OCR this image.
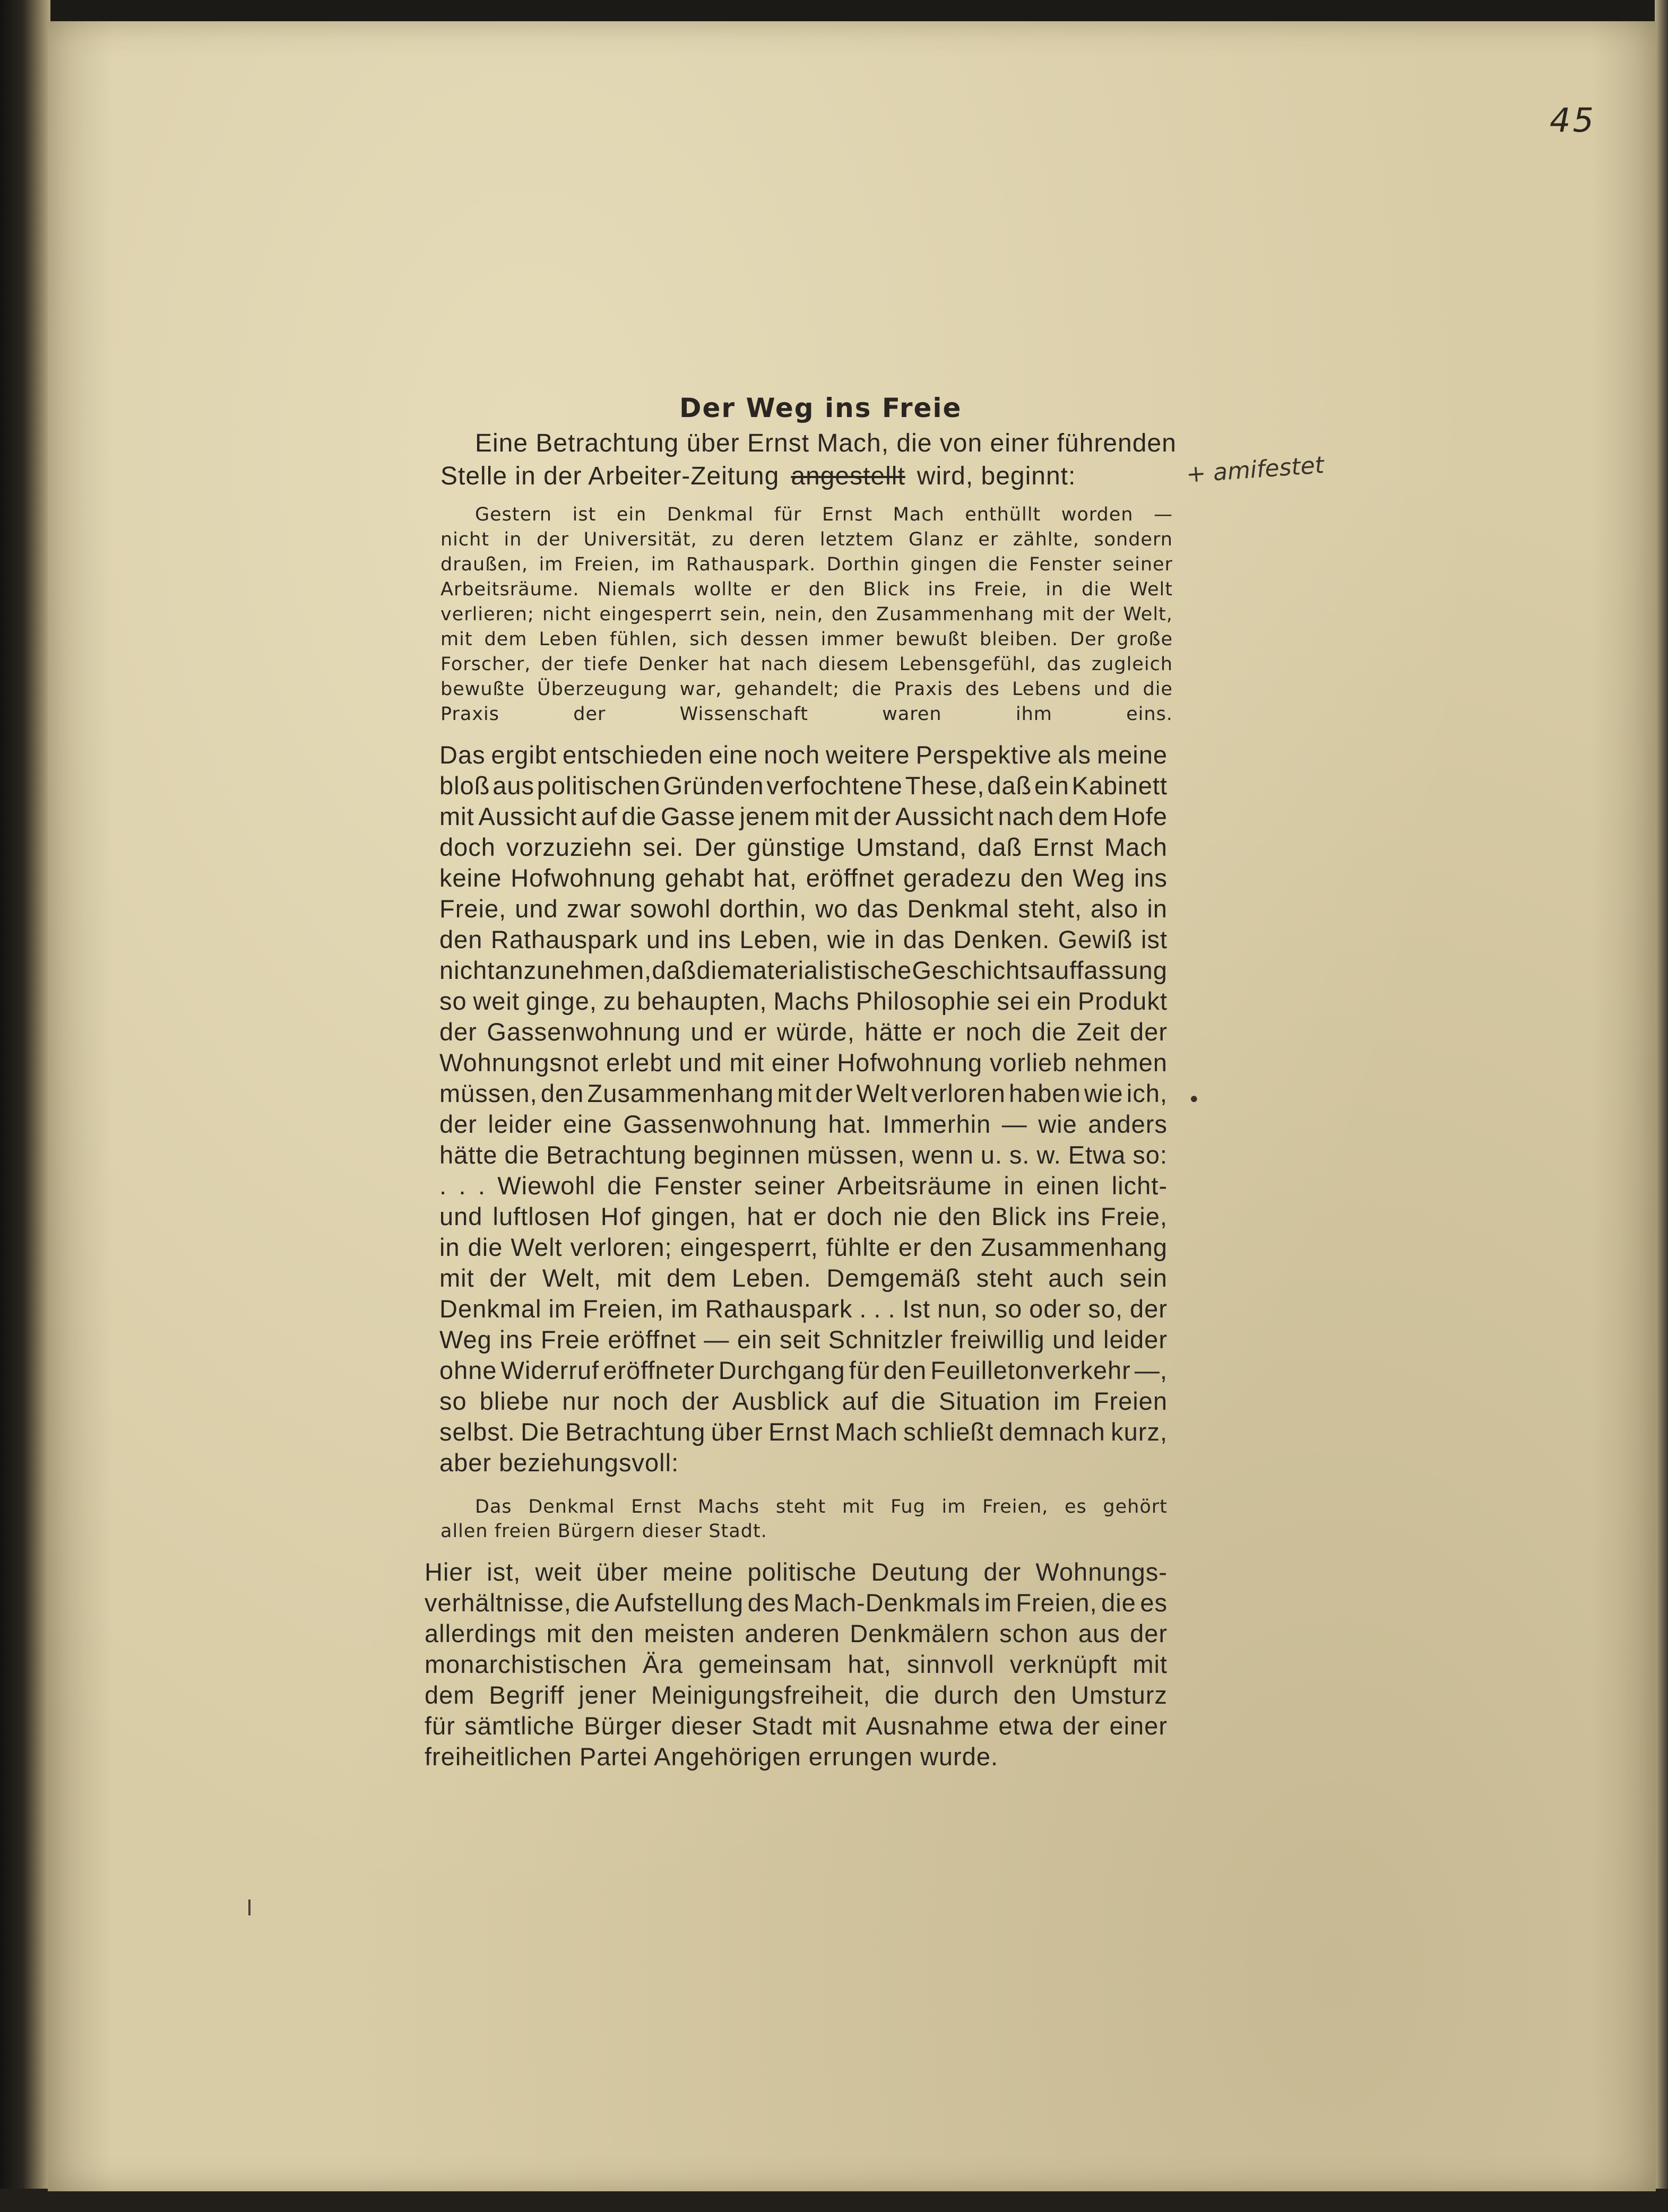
45
Der Weg ins Freie
Eine Betrachtung über Ernst Mach, die von einer führenden
Stelle in der Arbeiter-Zeitung angestellt wird, beginnt:	+ amifestet
Gestern ist ein Denkmal für Ernst Mach enthüllt worden —
nicht in der Universität, zu deren letztem Glanz er zählte, sondern
draußen, im Freien, im Rathauspark. Dorthin gingen die Fenster seiner
Arbeitsräume. Niemals wollte er den Blick ins Freie, in die Welt
verlieren; nicht eingesperrt sein, nein, den Zusammenhang mit der Welt,
mit dem Leben fühlen, sich dessen immer bewußt bleiben. Der große
Forscher, der tiefe Denker hat nach diesem Lebensgefühl, das zugleich
bewußte Überzeugung war, gehandelt; die Praxis des Lebens und die
Praxis	der	Wissenschaft	waren	ihm	eins.
Das ergibt entschieden eine noch weitere Perspektive als meine
bloß aus politischen Gründen verfochtene These, daß ein Kabinett
mit Aussicht auf die Gasse jenem mit der Aussicht nach dem Hofe
doch vorzuziehn sei. Der günstige Umstand, daß Ernst Mach
keine Hofwohnung gehabt hat, eröffnet geradezu den Weg ins
Freie, und zwar sowohl dorthin, wo das Denkmal steht, also in
den Rathauspark und ins Leben, wie in das Denken. Gewiß ist
nicht anzunehmen, daß die materialistische Geschichtsauffassung
so weit ginge, zu behaupten, Machs Philosophie sei ein Produkt
der Gassenwohnung und er würde, hätte er noch die Zeit der
Wohnungsnot erlebt und mit einer Hofwohnung vorlieb nehmen
müssen, den Zusammenhang mit der Welt verloren haben wie ich,
der leider eine Gassenwohnung hat. Immerhin — wie anders
hätte die Betrachtung beginnen müssen, wenn u. s. w. Etwa so:
. . . Wiewohl die Fenster seiner Arbeitsräume in einen licht-
und luftlosen Hof gingen, hat er doch nie den Blick ins Freie,
in die Welt verloren; eingesperrt, fühlte er den Zusammenhang
mit der Welt, mit dem Leben. Demgemäß steht auch sein
Denkmal im Freien, im Rathauspark . . . Ist nun, so oder so, der
Weg ins Freie eröffnet — ein seit Schnitzler freiwillig und leider
ohne Widerruf eröffneter Durchgang für den Feuilletonverkehr —,
so bliebe nur noch der Ausblick auf die Situation im Freien
selbst. Die Betrachtung über Ernst Mach schließt demnach kurz,
aber beziehungsvoll:
•
Das Denkmal Ernst Machs steht mit Fug im Freien, es gehört
allen freien Bürgern dieser Stadt.
Hier ist, weit über meine politische Deutung der Wohnungs-
verhältnisse, die Aufstellung des Mach-Denkmals im Freien, die es
allerdings mit den meisten anderen Denkmälern schon aus der
monarchistischen Ära gemeinsam hat, sinnvoll verknüpft mit
dem Begriff jener Meinigungsfreiheit, die durch den Umsturz
für sämtliche Bürger dieser Stadt mit Ausnahme etwa der einer
freiheitlichen Partei Angehörigen errungen wurde.
